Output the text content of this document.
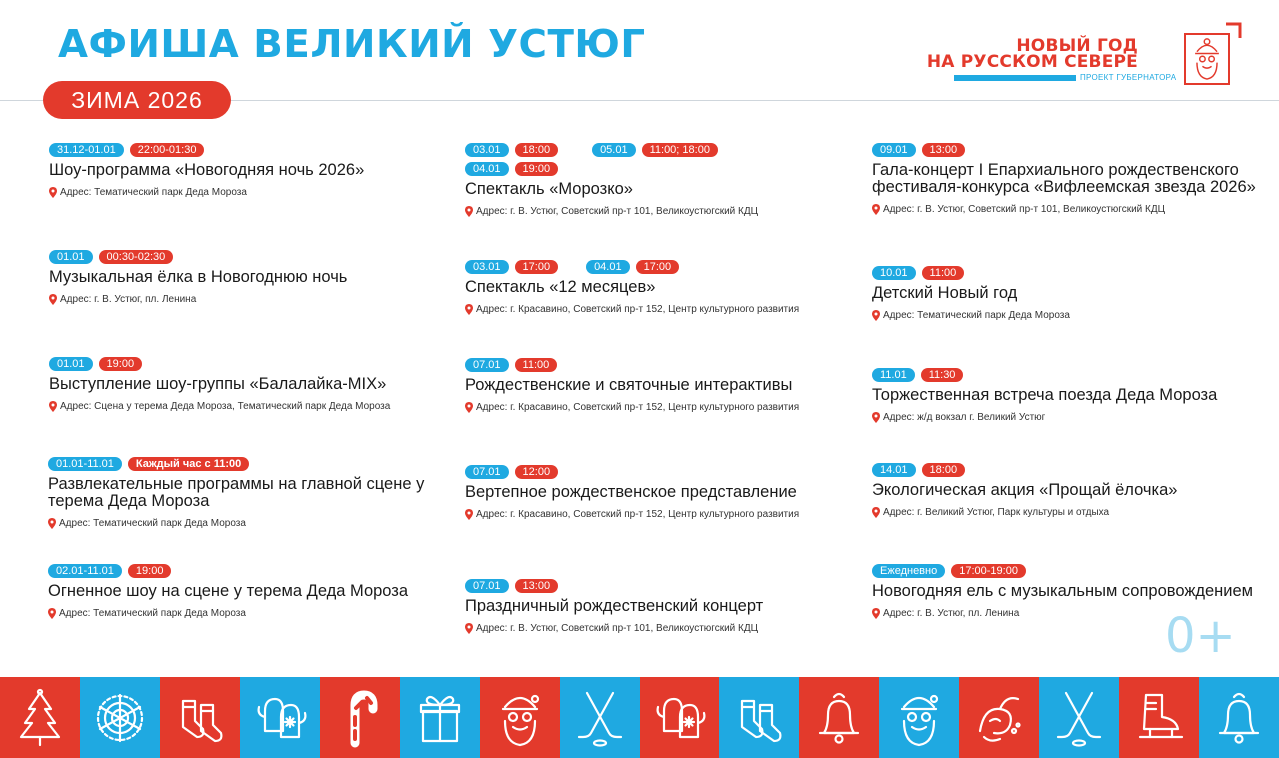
АФИША ВЕЛИКИЙ УСТЮГ
ЗИМА 2026
НОВЫЙ ГОД
НА РУССКОМ СЕВЕРЕ
ПРОЕКТ ГУБЕРНАТОРА
31.12-01.01	22:00-01:30
Шоу-программа «Новогодняя ночь 2026»
Адрес: Тематический парк Деда Мороза
01.01	00:30-02:30
Музыкальная ёлка в Новогоднюю ночь
Адрес: г. В. Устюг, пл. Ленина
01.01	19:00
Выступление шоу-группы «Балалайка-MIX»
Адрес: Сцена у терема Деда Мороза, Тематический парк Деда Мороза
01.01-11.01	Каждый час с 11:00
Развлекательные программы на главной сцене у терема Деда Мороза
Адрес: Тематический парк Деда Мороза
02.01-11.01	19:00
Огненное шоу на сцене у терема Деда Мороза
Адрес: Тематический парк Деда Мороза
03.01	18:00	05.01	11:00; 18:00
04.01	19:00
Спектакль «Морозко»
Адрес: г. В. Устюг, Советский пр-т 101, Великоустюгский КДЦ
03.01	17:00	04.01	17:00
Спектакль «12 месяцев»
Адрес: г. Красавино, Советский пр-т 152, Центр культурного развития
07.01	11:00
Рождественские и святочные интерактивы
Адрес: г. Красавино, Советский пр-т 152, Центр культурного развития
07.01	12:00
Вертепное рождественское представление
Адрес: г. Красавино, Советский пр-т 152, Центр культурного развития
07.01	13:00
Праздничный рождественский концерт
Адрес: г. В. Устюг, Советский пр-т 101, Великоустюгский КДЦ
09.01	13:00
Гала-концерт I Епархиального рождественского фестиваля-конкурса «Вифлеемская звезда 2026»
Адрес: г. В. Устюг, Советский пр-т 101, Великоустюгский КДЦ
10.01	11:00
Детский Новый год
Адрес: Тематический парк Деда Мороза
11.01	11:30
Торжественная встреча поезда Деда Мороза
Адрес: ж/д вокзал г. Великий Устюг
14.01	18:00
Экологическая акция «Прощай ёлочка»
Адрес: г. Великий Устюг, Парк культуры и отдыха
Ежедневно	17:00-19:00
Новогодняя ель с музыкальным сопровождением
Адрес: г. В. Устюг, пл. Ленина	0+
